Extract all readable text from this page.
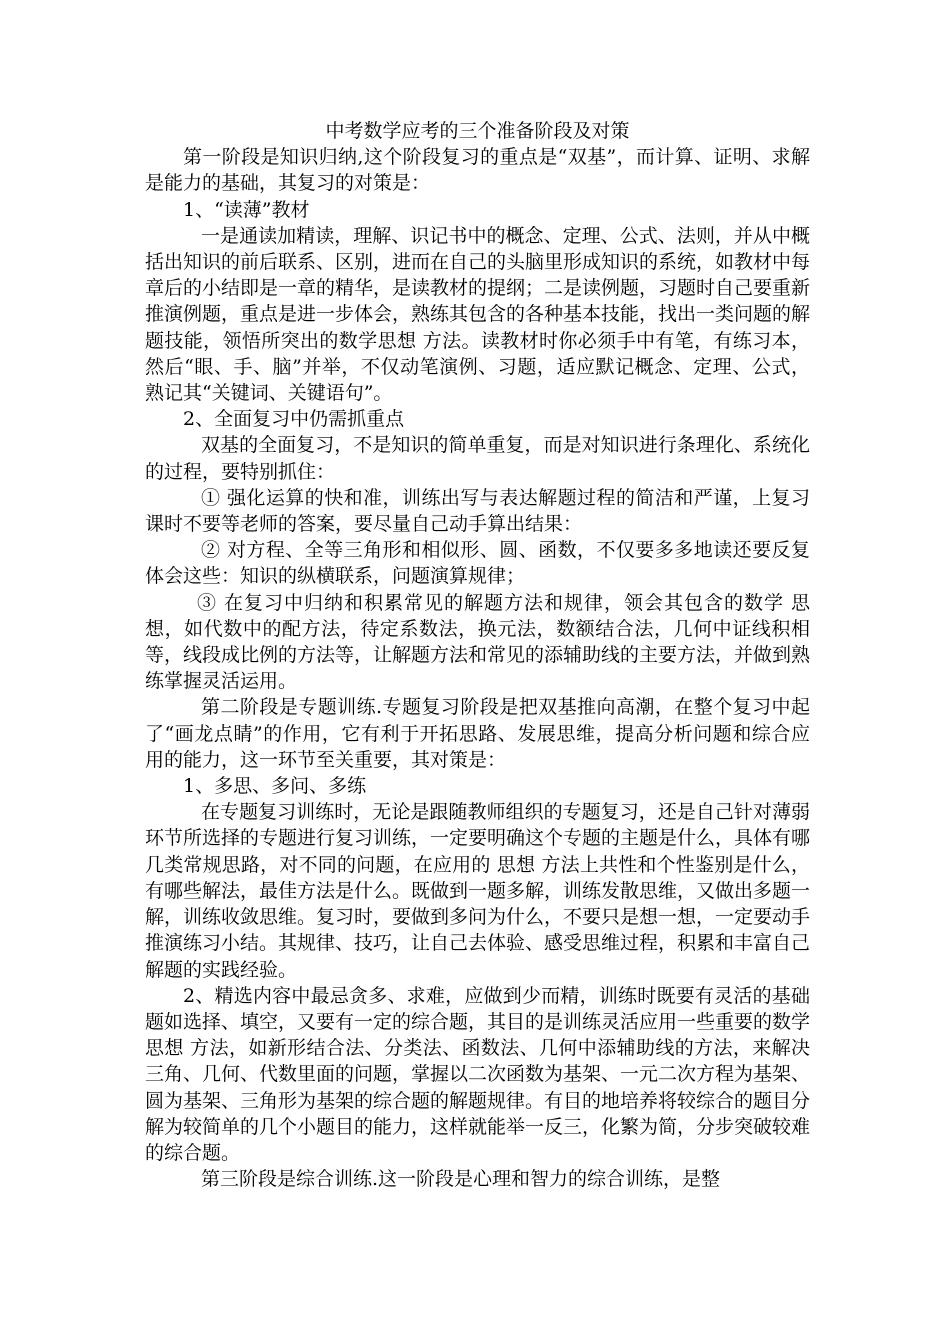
中考数学应考的三个准备阶段及对策

第一阶段是知识归纳,这个阶段复习的重点是“双基”，而计算、证明、求解是能力的基础，其复习的对策是：

1、“读薄”教材

一是通读加精读，理解、识记书中的概念、定理、公式、法则，并从中概括出知识的前后联系、区别，进而在自己的头脑里形成知识的系统，如教材中每章后的小结即是一章的精华，是读教材的提纲；二是读例题，习题时自己要重新推演例题，重点是进一步体会，熟练其包含的各种基本技能，找出一类问题的解题技能，领悟所突出的数学思想 方法。读教材时你必须手中有笔，有练习本，然后“眼、手、脑”并举，不仅动笔演例、习题，适应默记概念、定理、公式，熟记其“关键词、关键语句”。

2、全面复习中仍需抓重点

双基的全面复习，不是知识的简单重复，而是对知识进行条理化、系统化的过程，要特别抓住：

① 强化运算的快和准，训练出写与表达解题过程的简洁和严谨，上复习课时不要等老师的答案，要尽量自己动手算出结果：

② 对方程、全等三角形和相似形、圆、函数，不仅要多多地读还要反复体会这些：知识的纵横联系，问题演算规律；

③ 在复习中归纳和积累常见的解题方法和规律，领会其包含的数学 思想，如代数中的配方法，待定系数法，换元法，数额结合法，几何中证线积相等，线段成比例的方法等，让解题方法和常见的添辅助线的主要方法，并做到熟练掌握灵活运用。

第二阶段是专题训练.专题复习阶段是把双基推向高潮，在整个复习中起了“画龙点睛”的作用，它有利于开拓思路、发展思维，提高分析问题和综合应用的能力，这一环节至关重要，其对策是：

1、多思、多问、多练

在专题复习训练时，无论是跟随教师组织的专题复习，还是自己针对薄弱环节所选择的专题进行复习训练，一定要明确这个专题的主题是什么，具体有哪几类常规思路，对不同的问题，在应用的 思想 方法上共性和个性鉴别是什么，有哪些解法，最佳方法是什么。既做到一题多解，训练发散思维，又做出多题一解，训练收敛思维。复习时，要做到多问为什么，不要只是想一想，一定要动手推演练习小结。其规律、技巧，让自己去体验、感受思维过程，积累和丰富自己解题的实践经验。

2、精选内容中最忌贪多、求难，应做到少而精，训练时既要有灵活的基础题如选择、填空，又要有一定的综合题，其目的是训练灵活应用一些重要的数学 思想 方法，如新形结合法、分类法、函数法、几何中添辅助线的方法，来解决三角、几何、代数里面的问题，掌握以二次函数为基架、一元二次方程为基架、圆为基架、三角形为基架的综合题的解题规律。有目的地培养将较综合的题目分解为较简单的几个小题目的能力，这样就能举一反三，化繁为简，分步突破较难的综合题。

第三阶段是综合训练.这一阶段是心理和智力的综合训练，是整
